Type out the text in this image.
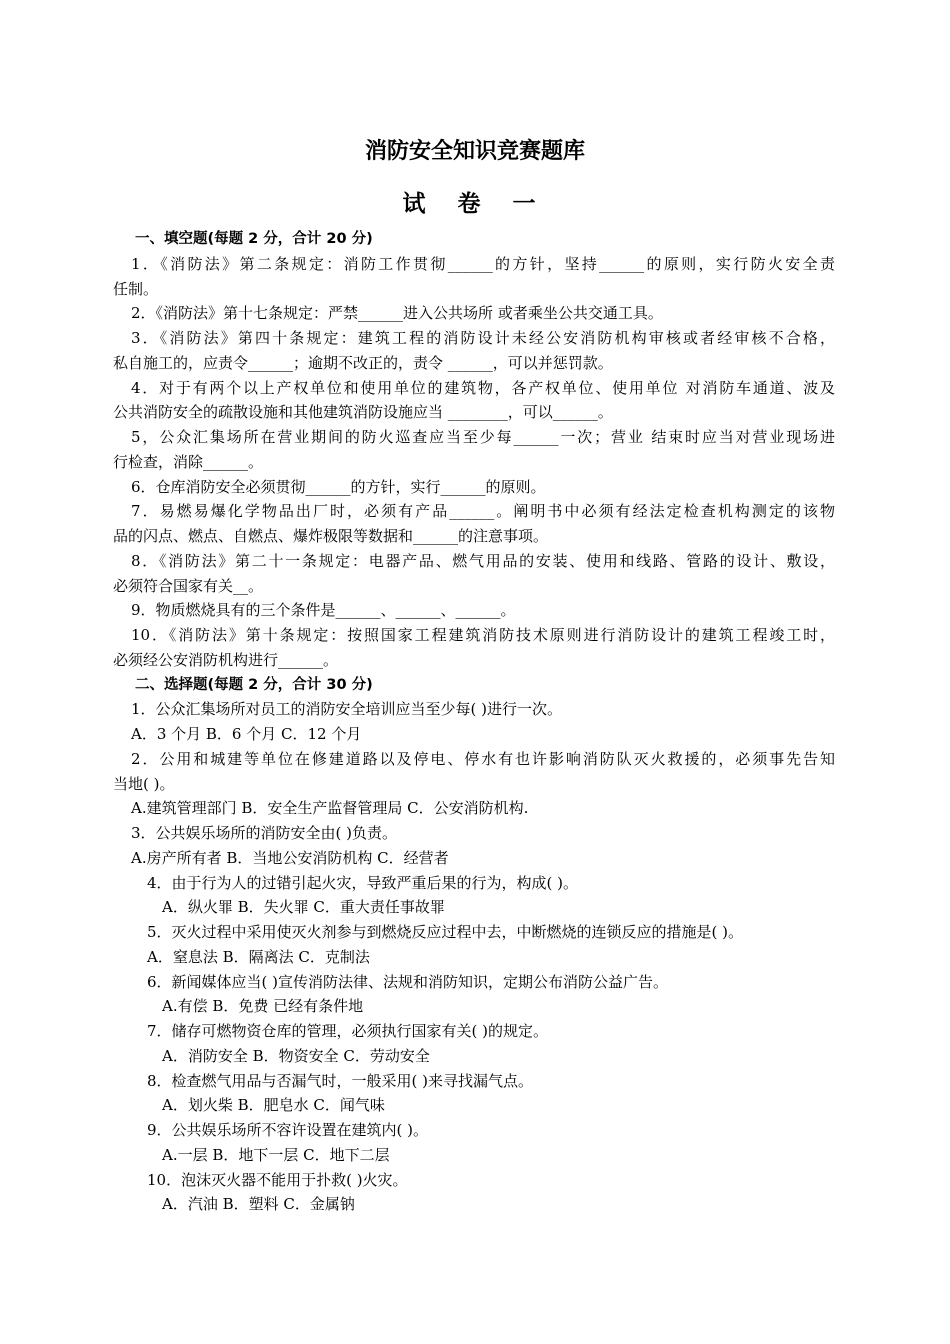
消防安全知识竞赛题库
试 卷 一
一、填空题(每题 2 分，合计 20 分)
1．《消防法》第二条规定：消防工作贯彻______的方针，坚持______的原则，实行防火安全责
任制。
2．《消防法》第十七条规定：严禁______进入公共场所 或者乘坐公共交通工具。
3．《消防法》第四十条规定：建筑工程的消防设计未经公安消防机构审核或者经审核不合格，
私自施工的，应责令______；逾期不改正的，责令 ______，可以并惩罚款。
4．对于有两个以上产权单位和使用单位的建筑物，各产权单位、使用单位 对消防车通道、波及
公共消防安全的疏散设施和其他建筑消防设施应当 ________，可以______。
5，公众汇集场所在营业期间的防火巡查应当至少每______一次；营业 结束时应当对营业现场进
行检查，消除______。
6．仓库消防安全必须贯彻______的方针，实行______的原则。
7．易燃易爆化学物品出厂时，必须有产品______。阐明书中必须有经法定检查机构测定的该物
品的闪点、燃点、自燃点、爆炸极限等数据和______的注意事项。
8．《消防法》第二十一条规定：电器产品、燃气用品的安装、使用和线路、管路的设计、敷设，
必须符合国家有关__。
9．物质燃烧具有的三个条件是______、______、______。
10．《消防法》第十条规定：按照国家工程建筑消防技术原则进行消防设计的建筑工程竣工时，
必须经公安消防机构进行______。
二、选择题(每题 2 分，合计 30 分)
1．公众汇集场所对员工的消防安全培训应当至少每( )进行一次。
A．3 个月 B．6 个月 C．12 个月
2．公用和城建等单位在修建道路以及停电、停水有也许影响消防队灭火救援的，必须事先告知
当地( )。
A.建筑管理部门 B．安全生产监督管理局 C．公安消防机构.
3．公共娱乐场所的消防安全由( )负责。
A.房产所有者 B．当地公安消防机构 C．经营者
4．由于行为人的过错引起火灾，导致严重后果的行为，构成( )。
A．纵火罪 B．失火罪 C．重大责任事故罪
5．灭火过程中采用使灭火剂参与到燃烧反应过程中去，中断燃烧的连锁反应的措施是( )。
A．窒息法 B．隔离法 C．克制法
6．新闻媒体应当( )宣传消防法律、法规和消防知识，定期公布消防公益广告。
A.有偿 B．免费 已经有条件地
7．储存可燃物资仓库的管理，必须执行国家有关( )的规定。
A．消防安全 B．物资安全 C．劳动安全
8．检查燃气用品与否漏气时，一般采用( )来寻找漏气点。
A．划火柴 B．肥皂水 C．闻气味
9．公共娱乐场所不容许设置在建筑内( )。
A.一层 B．地下一层 C．地下二层
10．泡沫灭火器不能用于扑救( )火灾。
A．汽油 B．塑料 C．金属钠
